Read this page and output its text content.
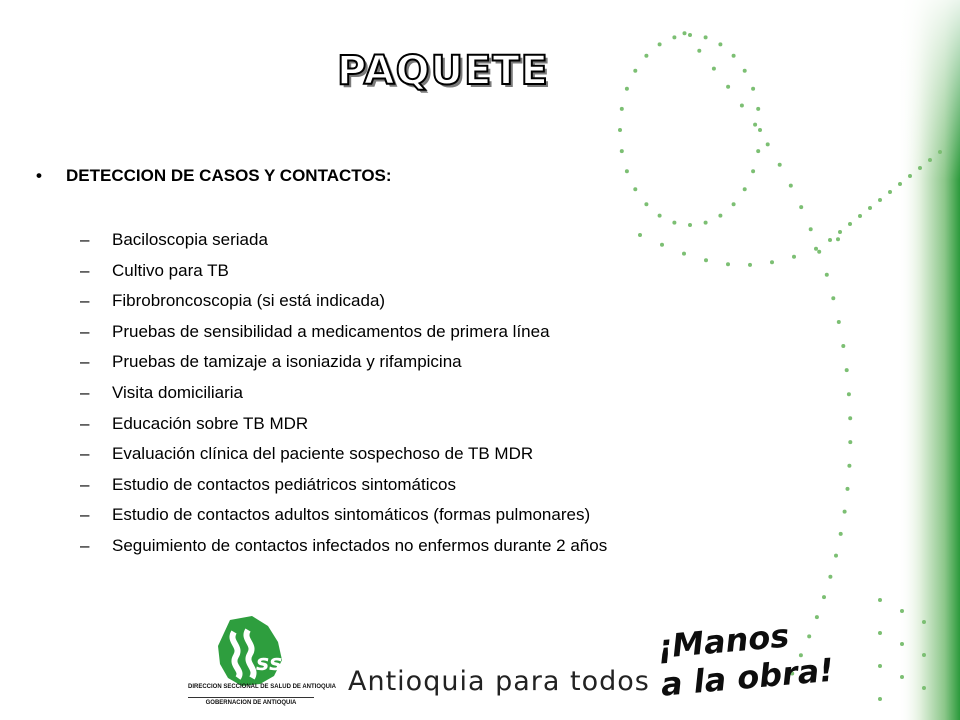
PAQUETE
• DETECCION DE CASOS Y CONTACTOS:
– Baciloscopia seriada
– Cultivo para TB
– Fibrobroncoscopia (si está indicada)
– Pruebas de sensibilidad a medicamentos de primera línea
– Pruebas de tamizaje a isoniazida y rifampicina
– Visita domiciliaria
– Educación sobre TB MDR
– Evaluación clínica del paciente sospechoso de TB MDR
– Estudio de contactos pediátricos sintomáticos
– Estudio de contactos adultos sintomáticos (formas pulmonares)
– Seguimiento de contactos infectados no enfermos durante 2 años
ssa
DIRECCION SECCIONAL DE SALUD DE ANTIOQUIA
GOBERNACION DE ANTIOQUIA
Antioquia para todos
¡Manos
a la obra!
